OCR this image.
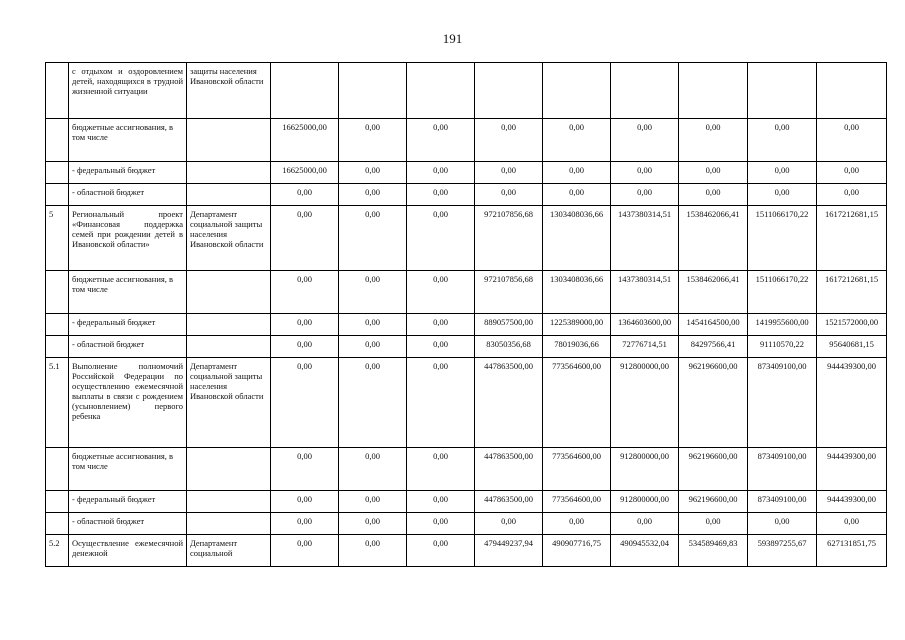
191
	с отдыхом и оздоровлением детей, находящихся в трудной жизненной ситуации	защиты населения Ивановской области									
	бюджетные ассигнования, в том числе		16625000,00	0,00	0,00	0,00	0,00	0,00	0,00	0,00	0,00
	- федеральный бюджет		16625000,00	0,00	0,00	0,00	0,00	0,00	0,00	0,00	0,00
	- областной бюджет		0,00	0,00	0,00	0,00	0,00	0,00	0,00	0,00	0,00
5	Региональный проект «Финансовая поддержка семей при рождении детей в Ивановской области»	Департамент социальной защиты населения Ивановской области	0,00	0,00	0,00	972107856,68	1303408036,66	1437380314,51	1538462066,41	1511066170,22	1617212681,15
	бюджетные ассигнования, в том числе		0,00	0,00	0,00	972107856,68	1303408036,66	1437380314,51	1538462066,41	1511066170,22	1617212681,15
	- федеральный бюджет		0,00	0,00	0,00	889057500,00	1225389000,00	1364603600,00	1454164500,00	1419955600,00	1521572000,00
	- областной бюджет		0,00	0,00	0,00	83050356,68	78019036,66	72776714,51	84297566,41	91110570,22	95640681,15
5.1	Выполнение полномочий Российской Федерации по осуществлению ежемесячной выплаты в связи с рождением (усыновлением) первого ребенка	Департамент социальной защиты населения Ивановской области	0,00	0,00	0,00	447863500,00	773564600,00	912800000,00	962196600,00	873409100,00	944439300,00
	бюджетные ассигнования, в том числе		0,00	0,00	0,00	447863500,00	773564600,00	912800000,00	962196600,00	873409100,00	944439300,00
	- федеральный бюджет		0,00	0,00	0,00	447863500,00	773564600,00	912800000,00	962196600,00	873409100,00	944439300,00
	- областной бюджет		0,00	0,00	0,00	0,00	0,00	0,00	0,00	0,00	0,00
5.2	Осуществление ежемесячной денежной	Департамент социальной	0,00	0,00	0,00	479449237,94	490907716,75	490945532,04	534589469,83	593897255,67	627131851,75
